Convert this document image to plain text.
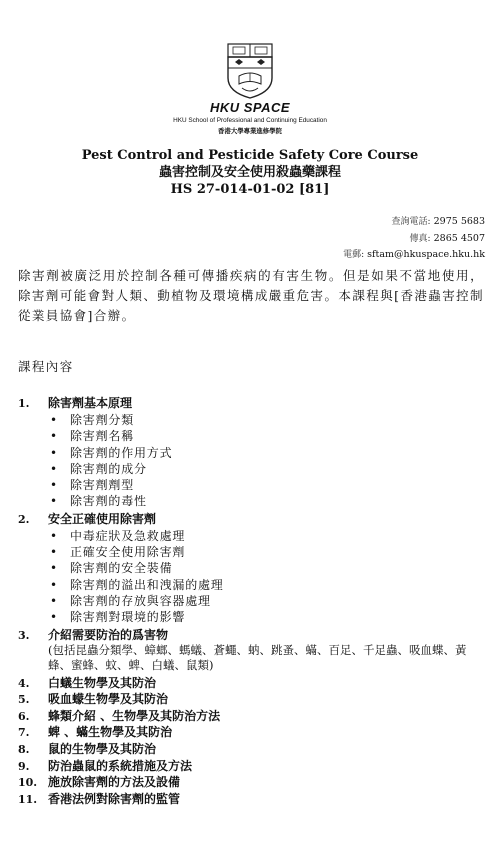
HKU SPACE
HKU School of Professional and Continuing Education
香港大學專業進修學院
Pest Control and Pesticide Safety Core Course
蟲害控制及安全使用殺蟲藥課程
HS 27-014-01-02 [81]
查詢電話: 2975 5683
傳真: 2865 4507
電郵: sftam@hkuspace.hku.hk
除害劑被廣泛用於控制各種可傳播疾病的有害生物。但是如果不當地使用，除害劑可能會對人類、動植物及環境構成嚴重危害。本課程與[香港蟲害控制從業員協會]合辦。
課程內容
1. 除害劑基本原理
• 除害劑分類
• 除害劑名稱
• 除害劑的作用方式
• 除害劑的成分
• 除害劑劑型
• 除害劑的毒性
2. 安全正確使用除害劑
• 中毒症狀及急救處理
• 正確安全使用除害劑
• 除害劑的安全裝備
• 除害劑的溢出和洩漏的處理
• 除害劑的存放與容器處理
• 除害劑對環境的影響
3. 介紹需要防治的爲害物
(包括昆蟲分類學、蟑螂、螞蟻、蒼蠅、蚋、跳蚤、蟎、百足、千足蟲、吸血蝶、黃蜂、蜜蜂、蚊、蜱、白蟻、鼠類)
4. 白蟻生物學及其防治
5. 吸血蠓生物學及其防治
6. 蜂類介紹 、生物學及其防治方法
7. 蜱 、蟎生物學及其防治
8. 鼠的生物學及其防治
9. 防治蟲鼠的系統措施及方法
10. 施放除害劑的方法及設備
11. 香港法例對除害劑的監管
